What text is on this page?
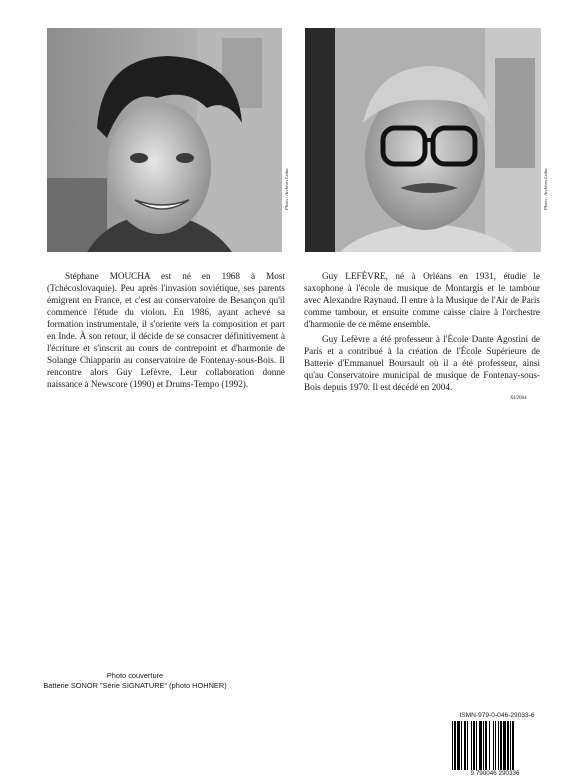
Photo : Archives Leduc	Photo : Archives Leduc

Stéphane MOUCHA est né en 1968 à Most (Tchécoslovaquie). Peu après l'invasion soviétique, ses parents émigrent en France, et c'est au conservatoire de Besançon qu'il commence l'étude du violon. En 1986, ayant achevé sa formation instrumentale, il s'oriente vers la composition et part en Inde. À son retour, il décide de se consacrer définitivement à l'écriture et s'inscrit au cours de contrepoint et d'harmonie de Solange Chiapparin au conservatoire de Fontenay-sous-Bois. Il rencontre alors Guy Lefèvre. Leur collaboration donne naissance à Newscore (1990) et Drums-Tempo (1992).

Guy LEFÈVRE, né à Orléans en 1931, étudie le saxophone à l'école de musique de Montargis et le tambour avec Alexandre Raynaud. Il entre à la Musique de l'Air de Paris comme tambour, et ensuite comme caisse claire à l'orchestre d'harmonie de ce même ensemble.

Guy Lefèvre a été professeur à l'École Dante Agostini de Paris et a contribué à la création de l'École Supérieure de Batterie d'Emmanuel Boursault où il a été professeur, ainsi qu'au Conservatoire municipal de musique de Fontenay-sous-Bois depuis 1970. Il est décédé en 2004.

XI/2004
Photo couverture
Batterie SONOR "Série SIGNATURE" (photo HOHNER)
ISMN-979-0-046-29033-6
9 790046 290336
